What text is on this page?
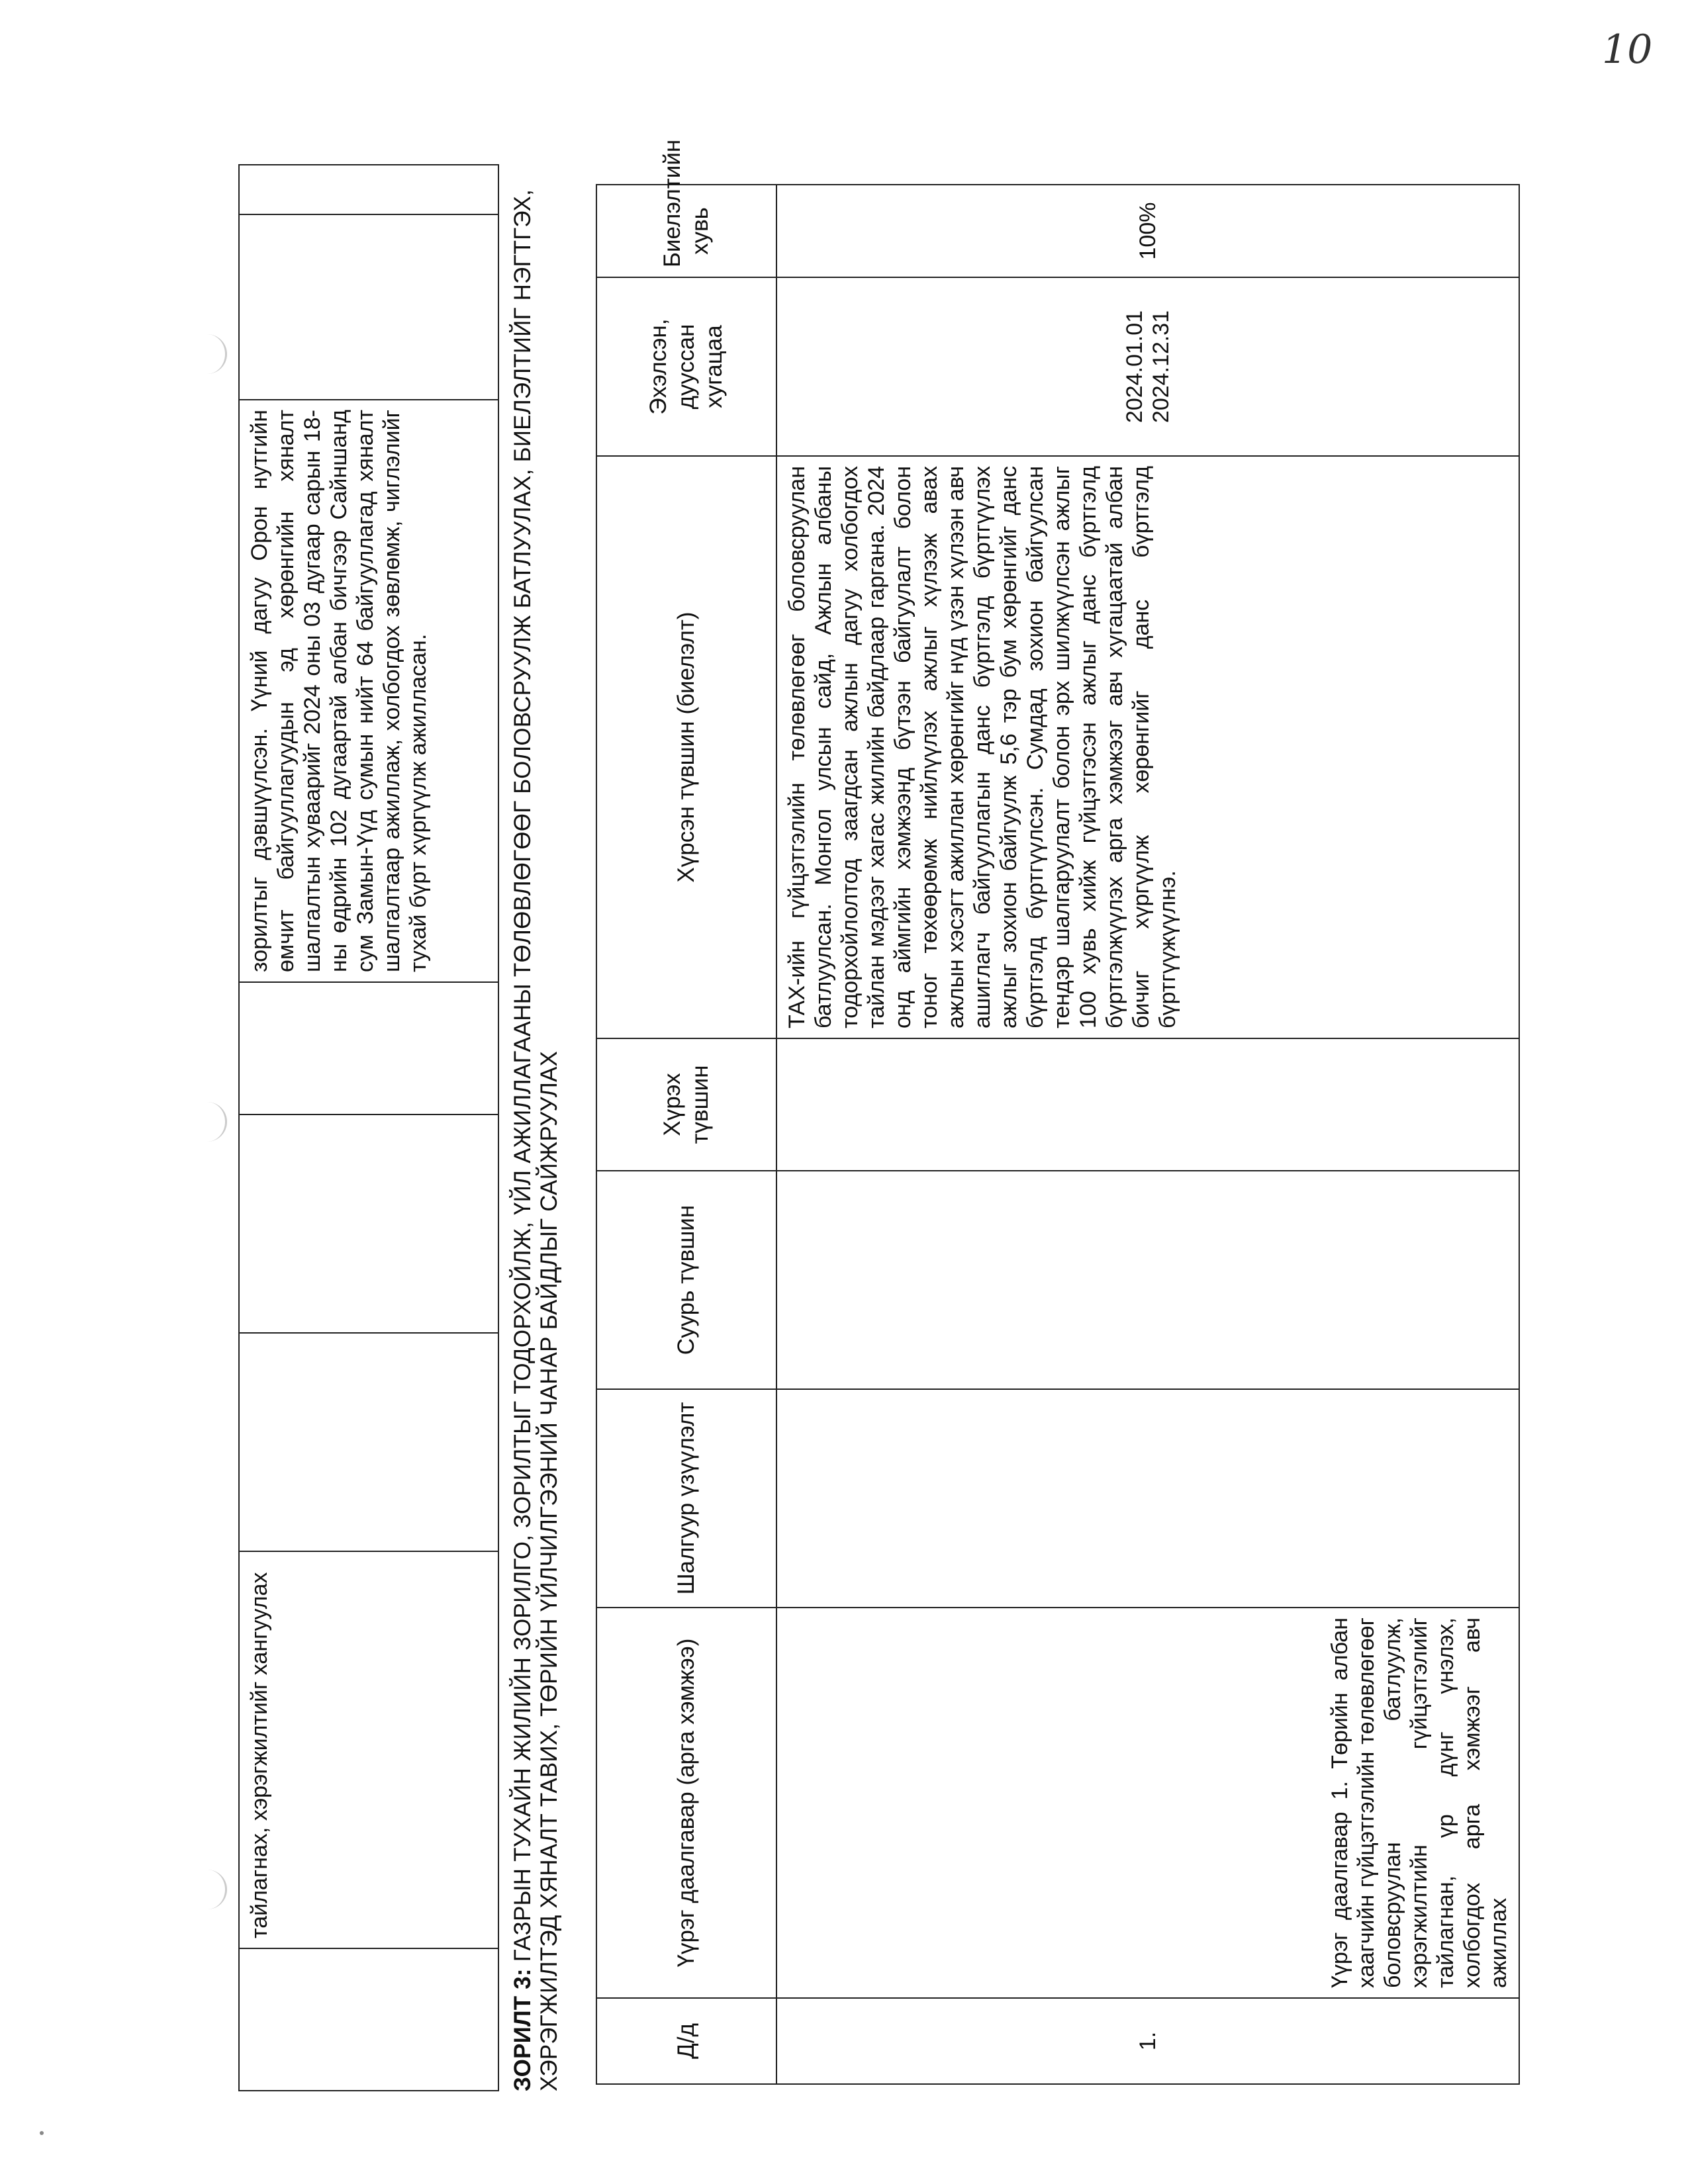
10
	тайлагнах, хэрэгжилтийг хангуулах				зорилтыг дэвшүүлсэн. Үүний дагуу Орон нутгийн өмчит байгууллагуудын эд хөрөнгийн хяналт шалгалтын хуваарийг 2024 оны 03 дугаар сарын 18-ны өдрийн 102 дугаартай албан бичгээр Сайншанд сум Замын-Үүд сумын нийт 64 байгууллагад хяналт шалгалтаар ажиллаж, холбогдох зөвлөмж, чиглэлийг тухай бүрт хүргүүлж ажилласан.		
ЗОРИЛТ 3: ГАЗРЫН ТУХАЙН ЖИЛИЙН ЗОРИЛГО, ЗОРИЛТЫГ ТОДОРХОЙЛЖ, ҮЙЛ АЖИЛЛАГААНЫ ТӨЛӨВЛӨГӨӨГ БОЛОВСРУУЛЖ БАТЛУУЛАХ, БИЕЛЭЛТИЙГ НЭГТГЭХ, ХЭРЭГЖИЛТЭД ХЯНАЛТ ТАВИХ, ТӨРИЙН ҮЙЛЧИЛГЭЭНИЙ ЧАНАР БАЙДЛЫГ САЙЖРУУЛАХ	Д/д	Үүрэг даалгавар (арга хэмжээ)	Шалгуур үзүүлэлт	Суурь түвшин	Хүрэх түвшин	Хүрсэн түвшин (биелэлт)	Эхэлсэн, дууссан хугацаа	Биелэлтийн хувь
1.	Үүрэг даалгавар 1. Төрийн албан хаагчийн гүйцэтгэлийн төлөвлөгөөг боловсруулан батлуулж, хэрэгжилтийн гүйцэтгэлийг тайлагнан, үр дүнг үнэлэх, холбогдох арга хэмжээг авч ажиллах				ТАХ-ийн гүйцэтгэлийн төлөвлөгөөг боловсруулан батлуулсан. Монгол улсын сайд, Ажлын албаны тодорхойлолтод заагдсан ажлын дагуу холбогдох тайлан мэдээг хагас жилийн байдлаар гаргана. 2024 онд аймгийн хэмжээнд бүтээн байгуулалт болон тоног төхөөрөмж нийлүүлэх ажлыг хүлээж авах ажлын хэсэгт ажиллан хөрөнгийг нүд үзэн хүлээн авч ашиглагч байгууллагын данс бүртгэлд бүртгүүлэх ажлыг зохион байгуулж 5,6 тэр бум хөрөнгийг данс бүртгэлд бүртгүүлсэн. Сумдад зохион байгуулсан тендэр шалгаруулалт болон эрх шилжүүлсэн ажлыг 100 хувь хийж гүйцэтгэсэн ажлыг данс бүртгэлд бүртгэлжүүлэх арга хэмжээг авч хугацаатай албан бичиг хүргүүлж хөрөнгийг данс бүртгэлд бүртгүүжүүлнэ.	2024.01.01 2024.12.31	100%
